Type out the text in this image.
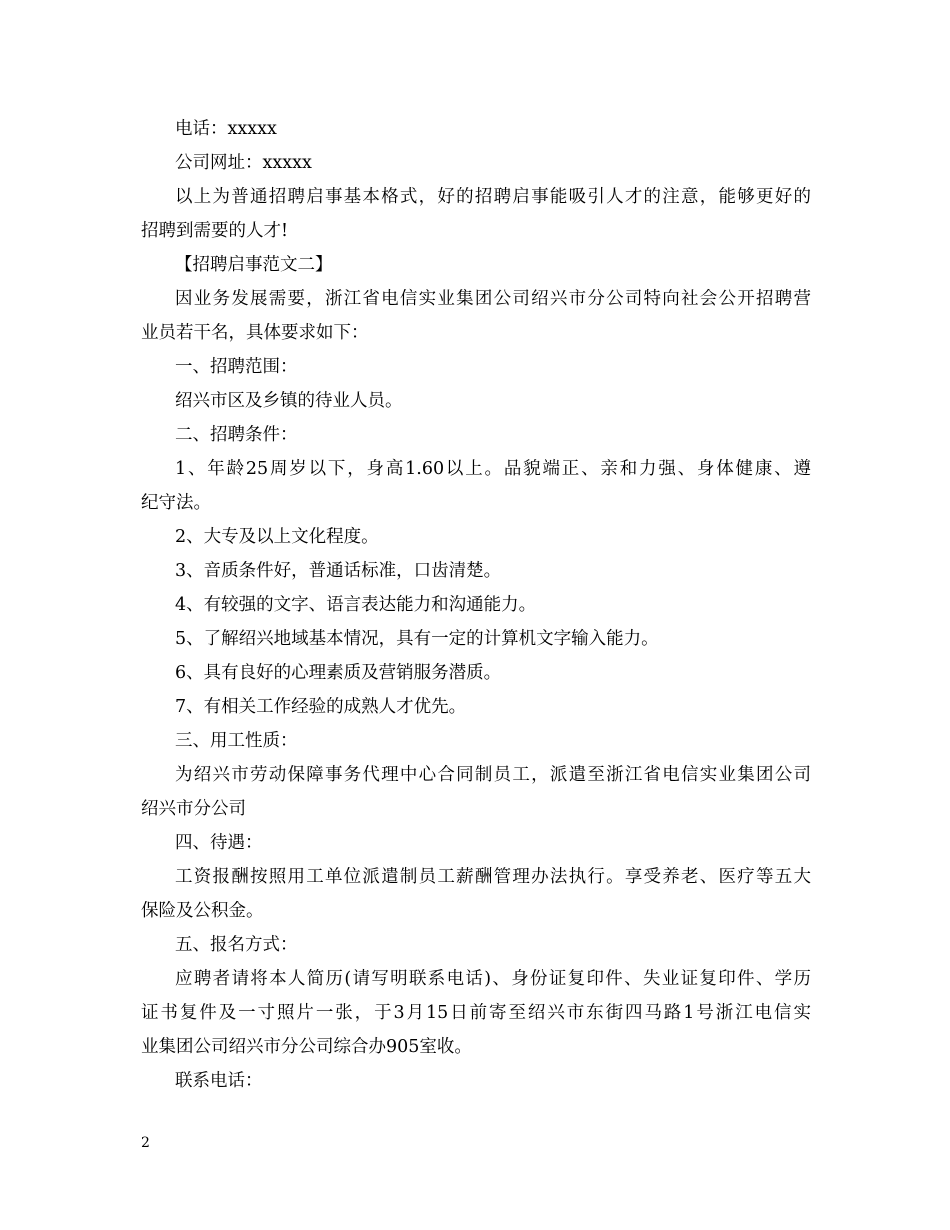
电话：xxxxx
公司网址：xxxxx
以上为普通招聘启事基本格式，好的招聘启事能吸引人才的注意，能够更好的
招聘到需要的人才!
【招聘启事范文二】
因业务发展需要，浙江省电信实业集团公司绍兴市分公司特向社会公开招聘营
业员若干名，具体要求如下：
一、招聘范围：
绍兴市区及乡镇的待业人员。
二、招聘条件：
1、年龄25周岁以下，身高1.60以上。品貌端正、亲和力强、身体健康、遵
纪守法。
2、大专及以上文化程度。
3、音质条件好，普通话标准，口齿清楚。
4、有较强的文字、语言表达能力和沟通能力。
5、了解绍兴地域基本情况，具有一定的计算机文字输入能力。
6、具有良好的心理素质及营销服务潜质。
7、有相关工作经验的成熟人才优先。
三、用工性质：
为绍兴市劳动保障事务代理中心合同制员工，派遣至浙江省电信实业集团公司
绍兴市分公司
四、待遇：
工资报酬按照用工单位派遣制员工薪酬管理办法执行。享受养老、医疗等五大
保险及公积金。
五、报名方式：
应聘者请将本人简历(请写明联系电话)、身份证复印件、失业证复印件、学历
证书复件及一寸照片一张，于3月15日前寄至绍兴市东街四马路1号浙江电信实
业集团公司绍兴市分公司综合办905室收。
联系电话：
2
